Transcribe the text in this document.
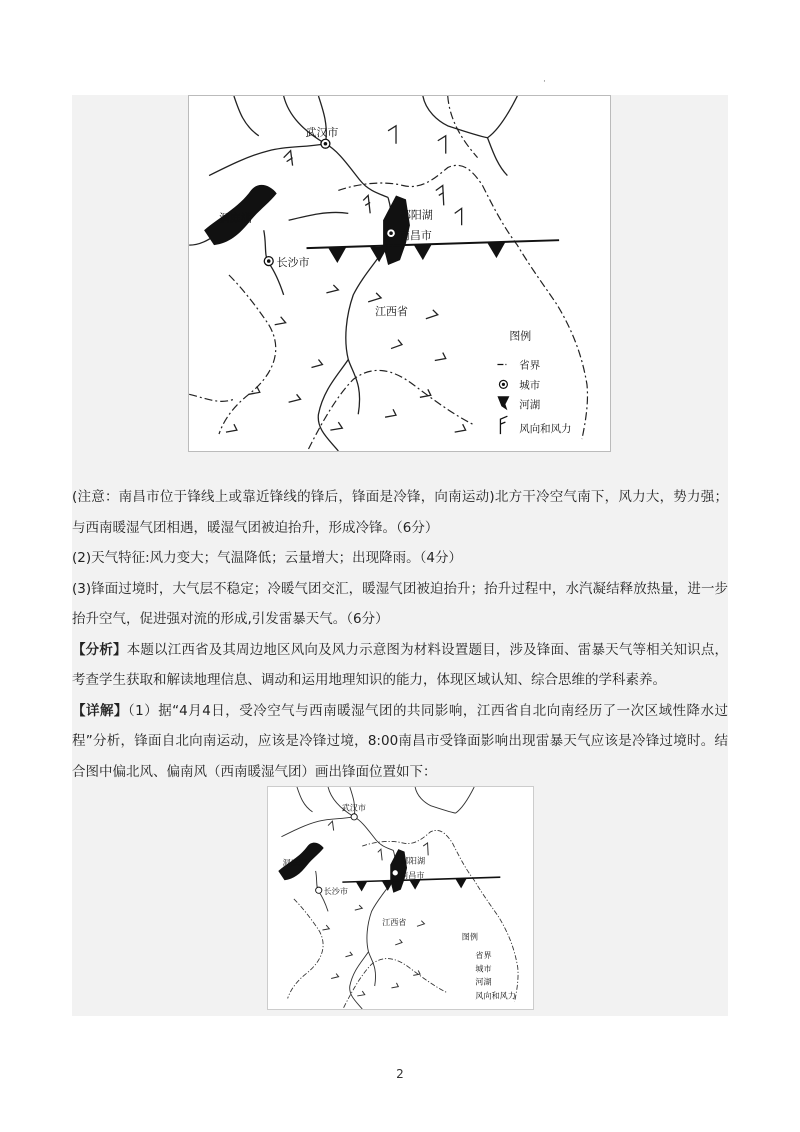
·
武汉市
鄱阳湖
南昌市
洞庭湖
长沙市
江西省
图例
省界
城市
河湖
风向和风力

(注意：南昌市位于锋线上或靠近锋线的锋后，锋面是冷锋，向南运动)北方干冷空气南下，风力大，势力强；与西南暖湿气团相遇，暖湿气团被迫抬升，形成冷锋。（6分）

(2)天气特征:风力变大；气温降低；云量增大；出现降雨。（4分）

(3)锋面过境时，大气层不稳定；冷暖气团交汇，暖湿气团被迫抬升；抬升过程中，水汽凝结释放热量，进一步抬升空气，促进强对流的形成,引发雷暴天气。（6分）

【分析】本题以江西省及其周边地区风向及风力示意图为材料设置题目，涉及锋面、雷暴天气等相关知识点，考查学生获取和解读地理信息、调动和运用地理知识的能力，体现区域认知、综合思维的学科素养。

【详解】（1）据“4月4日，受冷空气与西南暖湿气团的共同影响，江西省自北向南经历了一次区域性降水过程”分析，锋面自北向南运动，应该是冷锋过境，8:00南昌市受锋面影响出现雷暴天气应该是冷锋过境时。结合图中偏北风、偏南风（西南暖湿气团）画出锋面位置如下：

武汉市
鄱阳湖
南昌市
洞庭湖
长沙市
江西省
图例
省界
城市
河湖
风向和风力
2
